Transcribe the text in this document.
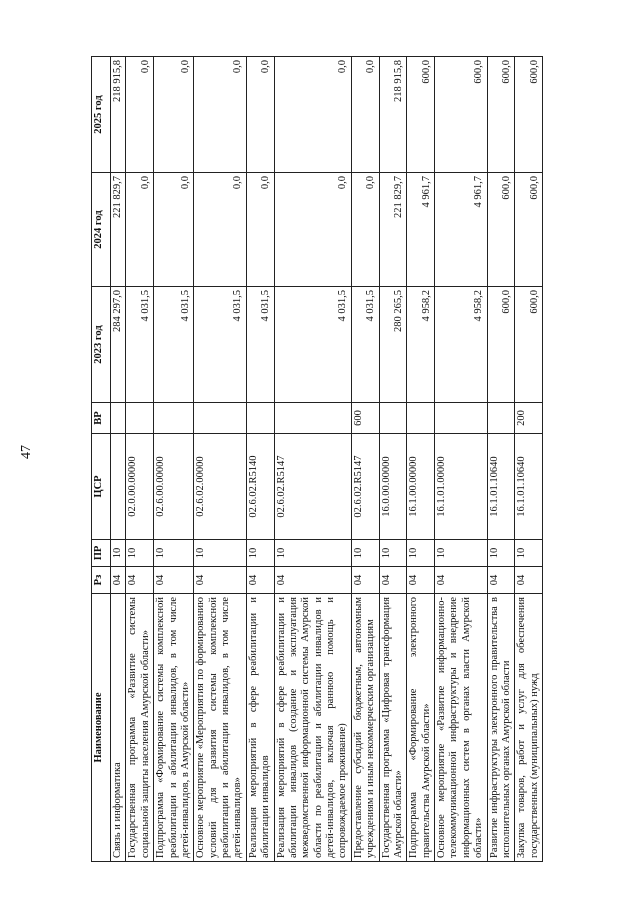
47
Наименование	Рз	ПР	ЦСР	ВР	2023 год	2024 год	2025 год
Связь и информатика	04	10			284 297,0	221 829,7	218 915,8
Государственная программа «Развитие системы социальной защиты населения Амурской области»	04	10	02.0.00.00000		4 031,5	0,0	0,0
Подпрограмма «Формирование системы комплексной реабилитации и абилитации инвалидов, в том числе детей-инвалидов, в Амурской области»	04	10	02.6.00.00000		4 031,5	0,0	0,0
Основное мероприятие «Мероприятия по формированию условий для развития системы комплексной реабилитации и абилитации инвалидов, в том числе детей-инвалидов»	04	10	02.6.02.00000		4 031,5	0,0	0,0
Реализация мероприятий в сфере реабилитации и абилитации инвалидов	04	10	02.6.02.R5140		4 031,5	0,0	0,0
Реализация мероприятий в сфере реабилитации и абилитации инвалидов (создание и эксплуатация межведомственной информационной системы Амурской области по реабилитации и абилитации инвалидов и детей-инвалидов, включая раннюю помощь и сопровождаемое проживание)	04	10	02.6.02.R5147		4 031,5	0,0	0,0
Предоставление субсидий бюджетным, автономным учреждениям и иным некоммерческим организациям	04	10	02.6.02.R5147	600	4 031,5	0,0	0,0
Государственная программа «Цифровая трансформация Амурской области»	04	10	16.0.00.00000		280 265,5	221 829,7	218 915,8
Подпрограмма «Формирование электронного правительства Амурской области»	04	10	16.1.00.00000		4 958,2	4 961,7	600,0
Основное мероприятие «Развитие информационно-телекоммуникационной инфраструктуры и внедрение информационных систем в органах власти Амурской области»	04	10	16.1.01.00000		4 958,2	4 961,7	600,0
Развитие инфраструктуры электронного правительства в исполнительных органах Амурской области	04	10	16.1.01.10640		600,0	600,0	600,0
Закупка товаров, работ и услуг для обеспечения государственных (муниципальных) нужд	04	10	16.1.01.10640	200	600,0	600,0	600,0
